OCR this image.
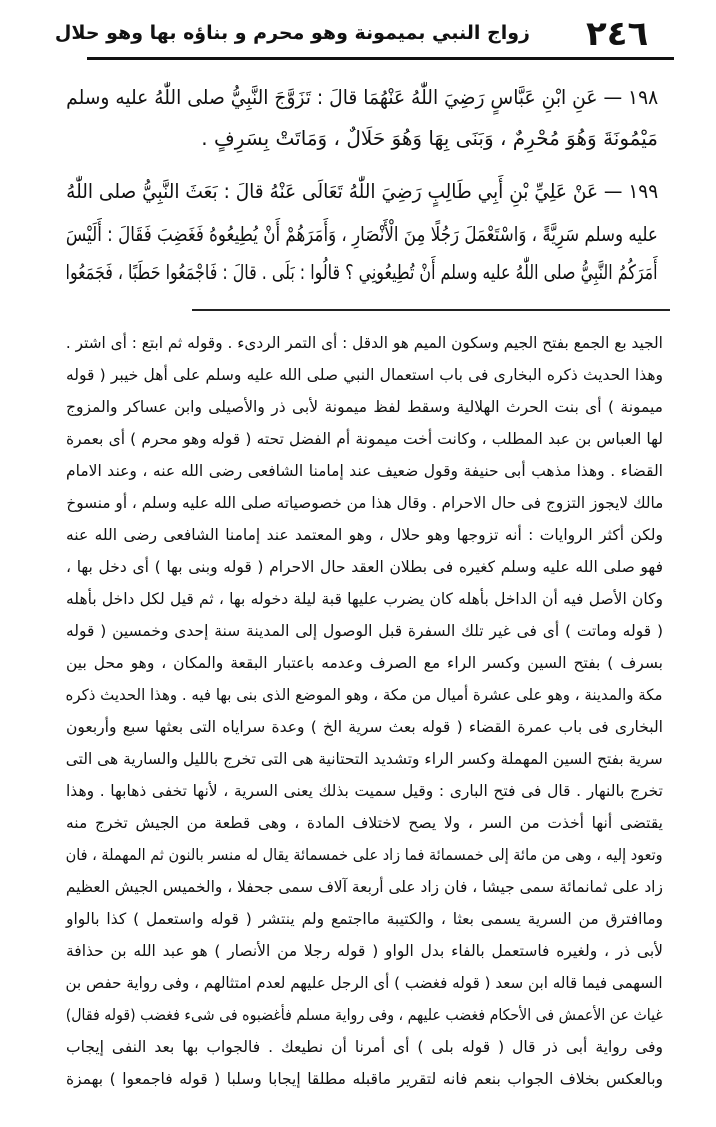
٢٤٦
زواج النبي بميمونة وهو محرم و بناؤه بها وهو حلال
١٩٨ — عَنِ ابْنِ عَبَّاسٍ رَضِيَ اللّٰهُ عَنْهُمَا قالَ : تَزَوَّجَ النَّبِيُّ صلى اللّٰهُ عليه وسلم
مَيْمُونَةَ وَهُوَ مُحْرِمٌ ، وَبَنَى بِهَا وَهُوَ حَلَالٌ ، وَمَاتَتْ بِسَرِفٍ .
١٩٩ — عَنْ عَلِيِّ بْنِ أَبِي طَالِبٍ رَضِيَ اللّٰهُ تَعَالَى عَنْهُ قالَ : بَعَثَ النَّبِيُّ صلى اللّٰهُ
عليه وسلم سَرِيَّةً ، وَاسْتَعْمَلَ رَجُلًا مِنَ الْأَنْصَارِ ، وَأَمَرَهُمْ أَنْ يُطِيعُوهُ فَغَضِبَ فَقَالَ : أَلَيْسَ
أَمَرَكُمُ النَّبِيُّ صلى اللّٰهُ عليه وسلم أَنْ تُطِيعُونِي ؟ قالُوا : بَلَى . قالَ : فَاجْمَعُوا حَطَبًا ، فَجَمَعُوا
الجيد بع الجمع بفتح الجيم وسكون الميم هو الدقل : أى التمر الردىء . وقوله ثم ابتع : أى اشتر .
وهذا الحديث ذكره البخارى فى باب استعمال النبي صلى الله عليه وسلم على أهل خيبر ( قوله
ميمونة ) أى بنت الحرث الهلالية وسقط لفظ ميمونة لأبى ذر والأصيلى وابن عساكر والمزوج
لها العباس بن عبد المطلب ، وكانت أخت ميمونة أم الفضل تحته ( قوله وهو محرم ) أى بعمرة
القضاء . وهذا مذهب أبى حنيفة وقول ضعيف عند إمامنا الشافعى رضى الله عنه ، وعند الامام
مالك لايجوز التزوج فى حال الاحرام . وقال هذا من خصوصياته صلى الله عليه وسلم ، أو منسوخ
ولكن أكثر الروايات : أنه تزوجها وهو حلال ، وهو المعتمد عند إمامنا الشافعى رضى الله عنه
فهو صلى الله عليه وسلم كغيره فى بطلان العقد حال الاحرام ( قوله وبنى بها ) أى دخل بها ،
وكان الأصل فيه أن الداخل بأهله كان يضرب عليها قبة ليلة دخوله بها ، ثم قيل لكل داخل بأهله
( قوله وماتت ) أى فى غير تلك السفرة قبل الوصول إلى المدينة سنة إحدى وخمسين ( قوله
بسرف ) بفتح السين وكسر الراء مع الصرف وعدمه باعتبار البقعة والمكان ، وهو محل بين
مكة والمدينة ، وهو على عشرة أميال من مكة ، وهو الموضع الذى بنى بها فيه . وهذا الحديث ذكره
البخارى فى باب عمرة القضاء ( قوله بعث سرية الخ ) وعدة سراياه التى بعثها سبع وأربعون
سرية بفتح السين المهملة وكسر الراء وتشديد التحتانية هى التى تخرج بالليل والسارية هى التى
تخرج بالنهار . قال فى فتح البارى : وقيل سميت بذلك يعنى السرية ، لأنها تخفى ذهابها . وهذا
يقتضى أنها أخذت من السر ، ولا يصح لاختلاف المادة ، وهى قطعة من الجيش تخرج منه
وتعود إليه ، وهى من مائة إلى خمسمائة فما زاد على خمسمائة يقال له منسر بالنون ثم المهملة ، فان
زاد على ثمانمائة سمى جيشا ، فان زاد على أربعة آلاف سمى جحفلا ، والخميس الجيش العظيم
وماافترق من السرية يسمى بعثا ، والكتيبة مااجتمع ولم ينتشر ( قوله واستعمل ) كذا بالواو
لأبى ذر ، ولغيره فاستعمل بالفاء بدل الواو ( قوله رجلا من الأنصار ) هو عبد الله بن حذافة
السهمى فيما قاله ابن سعد ( قوله فغضب ) أى الرجل عليهم لعدم امتثالهم ، وفى رواية حفص بن
غياث عن الأعمش فى الأحكام فغضب عليهم ، وفى رواية مسلم فأغضبوه فى شىء فغضب (قوله فقال)
وفى رواية أبى ذر قال ( قوله بلى ) أى أمرنا أن نطيعك . فالجواب بها بعد النفى إيجاب
وبالعكس بخلاف الجواب بنعم فانه لتقرير ماقبله مطلقا إيجابا وسلبا ( قوله فاجمعوا ) بهمزة
